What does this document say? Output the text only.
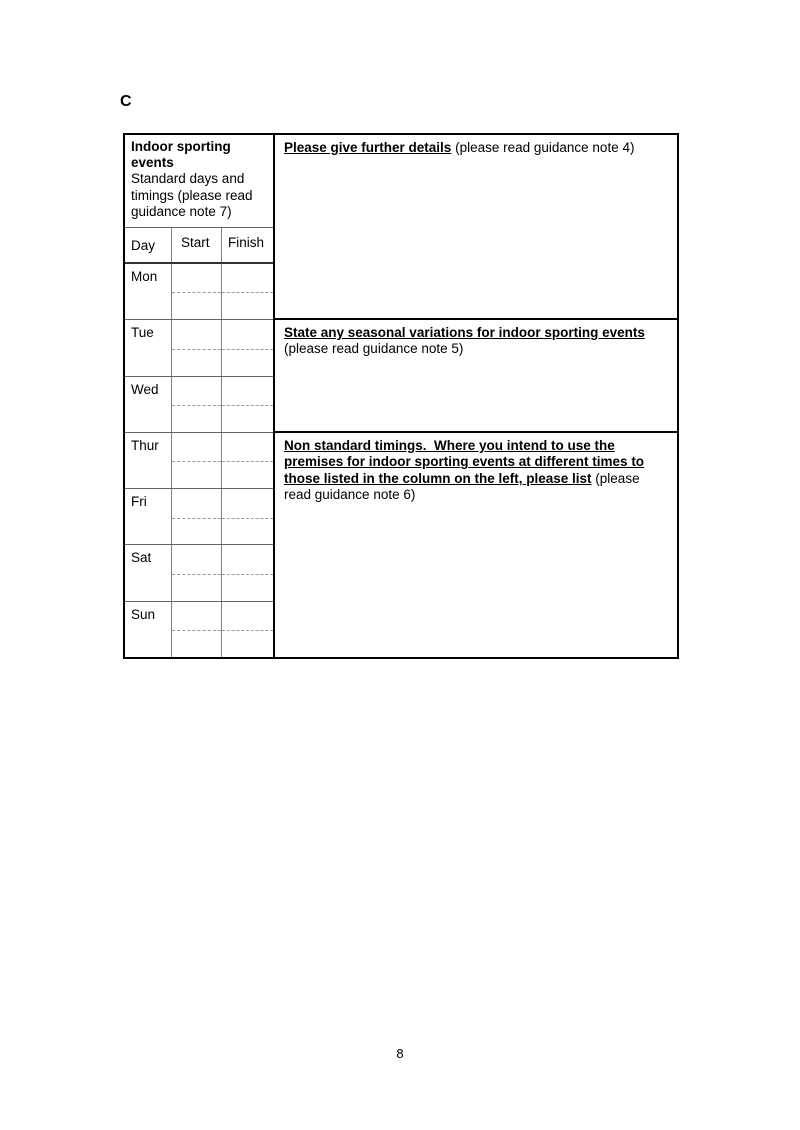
C
Indoor sporting events
Standard days and timings (please read guidance note 7)
Day	Start	Finish
Mon
Tue
Wed
Thur
Fri
Sat
Sun
Please give further details (please read guidance note 4)
State any seasonal variations for indoor sporting events (please read guidance note 5)
Non standard timings.  Where you intend to use the premises for indoor sporting events at different times to those listed in the column on the left, please list (please read guidance note 6)
8
